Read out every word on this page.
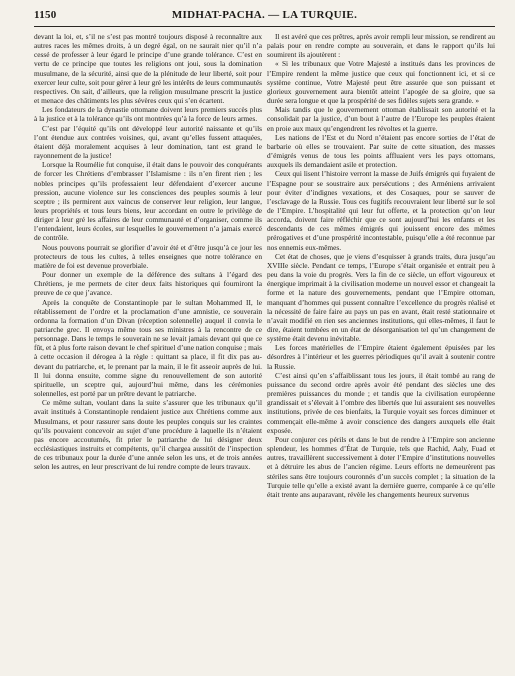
1150	MIDHAT-PACHA. — LA TURQUIE.

devant la loi, et, s’il ne s’est pas montré toujours disposé à reconnaître aux autres races les mêmes droits, à un degré égal, on ne saurait nier qu’il n’a cessé de professer à leur égard le principe d’une grande tolérance. C’est en vertu de ce principe que toutes les religions ont joui, sous la domination musulmane, de la sécurité, ainsi que de la plénitude de leur liberté, soit pour exercer leur culte, soit pour gérer à leur gré les intérêts de leurs communautés respectives. On sait, d’ailleurs, que la religion musulmane prescrit la justice et menace des châtiments les plus sévères ceux qui s’en écartent.

Les fondateurs de la dynastie ottomane doivent leurs premiers succès plus à la justice et à la tolérance qu’ils ont montrées qu’à la force de leurs armes.

C’est par l’équité qu’ils ont développé leur autorité naissante et qu’ils l’ont étendue aux contrées voisines, qui, avant qu’elles fussent attaquées, étaient déjà moralement acquises à leur domination, tant est grand le rayonnement de la justice!

Lorsque la Roumélie fut conquise, il était dans le pouvoir des conquérants de forcer les Chrétiens d’embrasser l’Islamisme : ils n’en firent rien ; les nobles principes qu’ils professaient leur défendaient d’exercer aucune pression, aucune violence sur les consciences des peuples soumis à leur sceptre ; ils permirent aux vaincus de conserver leur religion, leur langue, leurs propriétés et tous leurs biens, leur accordant en outre le privilège de diriger à leur gré les affaires de leur communauté et d’organiser, comme ils l’entendaient, leurs écoles, sur lesquelles le gouvernement n’a jamais exercé de contrôle.

Nous pouvons pourrait se glorifier d’avoir été et d’être jusqu’à ce jour les protecteurs de tous les cultes, à telles enseignes que notre tolérance en matière de foi est devenue proverbiale.

Pour donner un exemple de la déférence des sultans à l’égard des Chrétiens, je me permets de citer deux faits historiques qui fourniront la preuve de ce que j’avance.

Après la conquête de Constantinople par le sultan Mohammed II, le rétablissement de l’ordre et la proclamation d’une amnistie, ce souverain ordonna la formation d’un Divan (réception solennelle) auquel il convia le patriarche grec. Il envoya même tous ses ministres à la rencontre de ce personnage. Dans le temps le souverain ne se levait jamais devant qui que ce fût, et à plus forte raison devant le chef spirituel d’une nation conquise ; mais à cette occasion il dérogea à la règle : quittant sa place, il fit dix pas au-devant du patriarche, et, le prenant par la main, il le fit asseoir auprès de lui. Il lui donna ensuite, comme signe du renouvellement de son autorité spirituelle, un sceptre qui, aujourd’hui même, dans les cérémonies solennelles, est porté par un prêtre devant le patriarche.

Ce même sultan, voulant dans la suite s’assurer que les tribunaux qu’il avait institués à Constantinople rendaient justice aux Chrétiens comme aux Musulmans, et pour rassurer sans doute les peuples conquis sur les craintes qu’ils pouvaient concevoir au sujet d’une procédure à laquelle ils n’étaient pas encore accoutumés, fit prier le patriarche de lui désigner deux ecclésiastiques instruits et compétents, qu’il chargea aussitôt de l’inspection de ces tribunaux pour la durée d’une année selon les uns, et de trois années selon les autres, en leur prescrivant de lui rendre compte de leurs travaux.

Il est avéré que ces prêtres, après avoir rempli leur mission, se rendirent au palais pour en rendre compte au souverain, et dans le rapport qu’ils lui soumirent ils ajoutèrent :

« Si les tribunaux que Votre Majesté a institués dans les provinces de l’Empire rendent la même justice que ceux qui fonctionnent ici, et si ce système continue, Votre Majesté peut être assurée que son puissant et glorieux gouvernement aura bientôt atteint l’apogée de sa gloire, que sa durée sera longue et que la prospérité de ses fidèles sujets sera grande. »

Mais tandis que le gouvernement ottoman établissait son autorité et la consolidait par la justice, d’un bout à l’autre de l’Europe les peuples étaient en proie aux maux qu’engendrent les révoltes et la guerre.

Les nations de l’Est et du Nord n’étaient pas encore sorties de l’état de barbarie où elles se trouvaient. Par suite de cette situation, des masses d’émigrés venus de tous les points affluaient vers les pays ottomans, auxquels ils demandaient asile et protection.

Ceux qui lisent l’histoire verront la masse de Juifs émigrés qui fuyaient de l’Espagne pour se soustraire aux persécutions ; des Arméniens arrivaient pour éviter d’indignes vexations, et des Cosaques, pour se sauver de l’esclavage de la Russie. Tous ces fugitifs recouvraient leur liberté sur le sol de l’Empire. L’hospitalité qui leur fut offerte, et la protection qu’on leur accorda, doivent faire réfléchir que ce sont aujourd’hui les enfants et les descendants de ces mêmes émigrés qui jouissent encore des mêmes prérogatives et d’une prospérité incontestable, puisqu’elle a été reconnue par nos ennemis eux-mêmes.

Cet état de choses, que je viens d’esquisser à grands traits, dura jusqu’au XVIIIe siècle. Pendant ce temps, l’Europe s’était organisée et entrait peu à peu dans la voie du progrès. Vers la fin de ce siècle, un effort vigoureux et énergique imprimait à la civilisation moderne un nouvel essor et changeait la forme et la nature des gouvernements, pendant que l’Empire ottoman, manquant d’hommes qui pussent connaître l’excellence du progrès réalisé et la nécessité de faire faire au pays un pas en avant, était resté stationnaire et n’avait modifié en rien ses anciennes institutions, qui elles-mêmes, il faut le dire, étaient tombées en un état de désorganisation tel qu’un changement de système était devenu inévitable.

Les forces matérielles de l’Empire étaient également épuisées par les désordres à l’intérieur et les guerres périodiques qu’il avait à soutenir contre la Russie.

C’est ainsi qu’en s’affaiblissant tous les jours, il était tombé au rang de puissance du second ordre après avoir été pendant des siècles une des premières puissances du monde ; et tandis que la civilisation européenne grandissait et s’élevait à l’ombre des libertés que lui assuraient ses nouvelles institutions, privée de ces bienfaits, la Turquie voyait ses forces diminuer et commençait elle-même à avoir conscience des dangers auxquels elle était exposée.

Pour conjurer ces périls et dans le but de rendre à l’Empire son ancienne splendeur, les hommes d’État de Turquie, tels que Rachid, Aaly, Fuad et autres, travaillèrent successivement à doter l’Empire d’institutions nouvelles et à détruire les abus de l’ancien régime. Leurs efforts ne demeurèrent pas stériles sans être toujours couronnés d’un succès complet ; la situation de la Turquie telle qu’elle a existé avant la dernière guerre, comparée à ce qu’elle était trente ans auparavant, révèle les changements heureux survenus
